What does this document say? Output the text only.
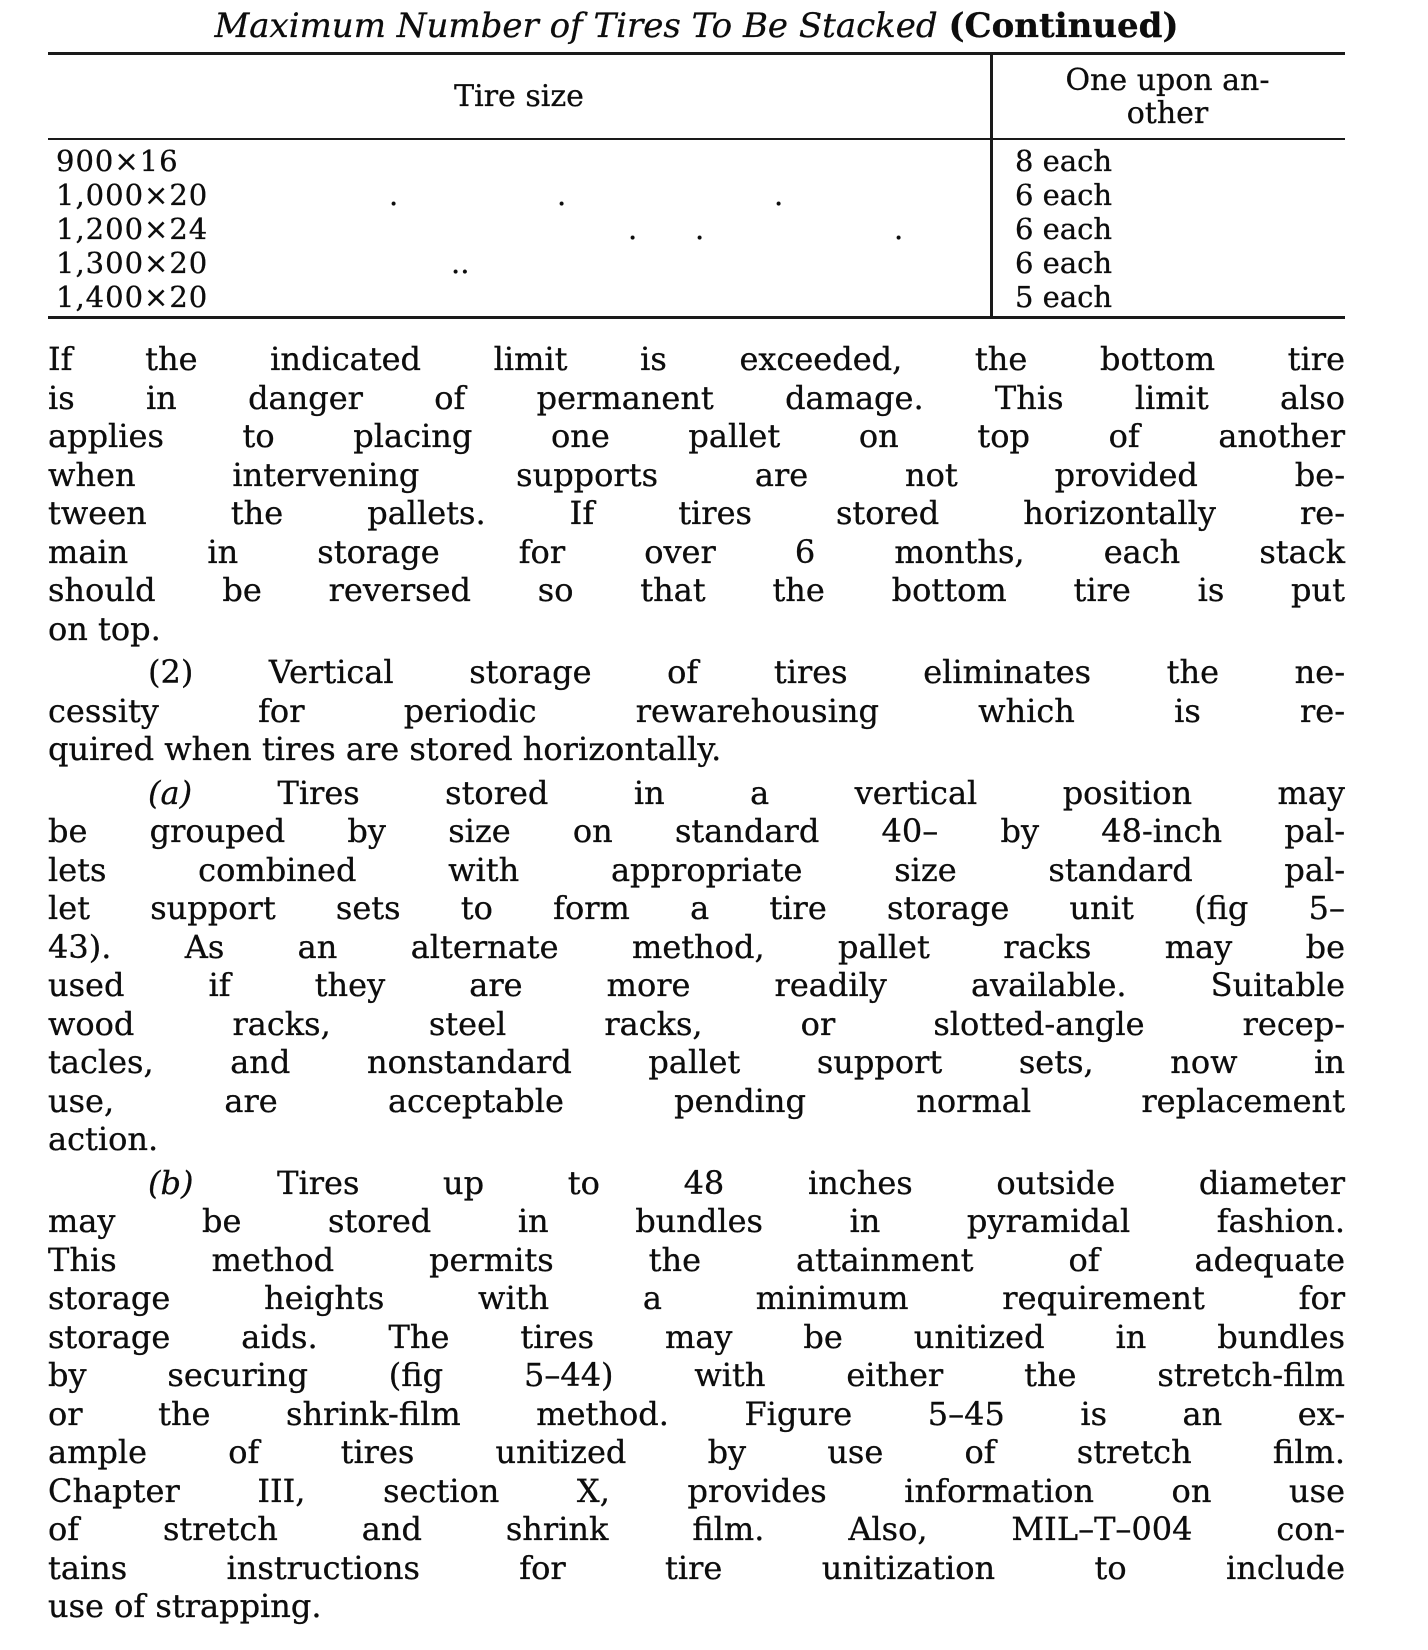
Maximum Number of Tires To Be Stacked (Continued)
Tire size	One upon an-
other
900×16	8 each
1,000×20	.	.	.	6 each
1,200×24	. .	.	6 each
1,300×20	..	6 each
1,400×20	5 each
If the indicated limit is exceeded, the bottom tire
is in danger of permanent damage. This limit also
applies to placing one pallet on top of another
when intervening supports are not provided be-
tween the pallets. If tires stored horizontally re-
main in storage for over 6 months, each stack
should be reversed so that the bottom tire is put
on top.
(2) Vertical storage of tires eliminates the ne-
cessity for periodic rewarehousing which is re-
quired when tires are stored horizontally.
(a)	Tires stored in a vertical position may
be grouped by size on standard 40– by 48-inch pal-
lets combined with appropriate size standard pal-
let support sets to form a tire storage unit (fig 5–
43). As an alternate method, pallet racks may be
used if they are more readily available. Suitable
wood racks, steel racks, or slotted-angle recep-
tacles, and nonstandard pallet support sets, now in
use, are acceptable pending normal replacement
action.
(b)	Tires up to 48 inches outside diameter
may be stored in bundles in pyramidal fashion.
This method permits the attainment of adequate
storage heights with a minimum requirement for
storage aids. The tires may be unitized in bundles
by securing (fig 5–44) with either the stretch-film
or the shrink-film method. Figure 5–45 is an ex-
ample of tires unitized by use of stretch film.
Chapter III, section X, provides information on use
of stretch and shrink film. Also, MIL–T–004 con-
tains instructions for tire unitization to include
use of strapping.
